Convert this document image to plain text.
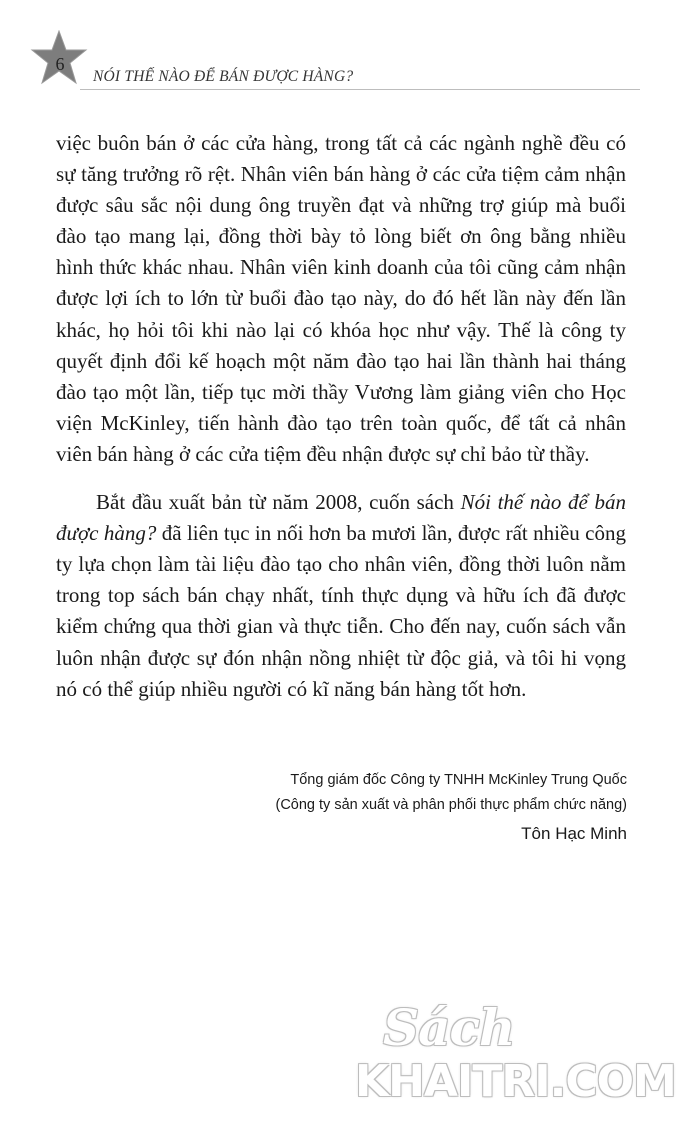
6
NÓI THẾ NÀO ĐỂ BÁN ĐƯỢC HÀNG?

việc buôn bán ở các cửa hàng, trong tất cả các ngành nghề đều có sự tăng trưởng rõ rệt. Nhân viên bán hàng ở các cửa tiệm cảm nhận được sâu sắc nội dung ông truyền đạt và những trợ giúp mà buổi đào tạo mang lại, đồng thời bày tỏ lòng biết ơn ông bằng nhiều hình thức khác nhau. Nhân viên kinh doanh của tôi cũng cảm nhận được lợi ích to lớn từ buổi đào tạo này, do đó hết lần này đến lần khác, họ hỏi tôi khi nào lại có khóa học như vậy. Thế là công ty quyết định đổi kế hoạch một năm đào tạo hai lần thành hai tháng đào tạo một lần, tiếp tục mời thầy Vương làm giảng viên cho Học viện McKinley, tiến hành đào tạo trên toàn quốc, để tất cả nhân viên bán hàng ở các cửa tiệm đều nhận được sự chỉ bảo từ thầy.

Bắt đầu xuất bản từ năm 2008, cuốn sách Nói thế nào để bán được hàng? đã liên tục in nối hơn ba mươi lần, được rất nhiều công ty lựa chọn làm tài liệu đào tạo cho nhân viên, đồng thời luôn nằm trong top sách bán chạy nhất, tính thực dụng và hữu ích đã được kiểm chứng qua thời gian và thực tiễn. Cho đến nay, cuốn sách vẫn luôn nhận được sự đón nhận nồng nhiệt từ độc giả, và tôi hi vọng nó có thể giúp nhiều người có kĩ năng bán hàng tốt hơn.

Tổng giám đốc Công ty TNHH McKinley Trung Quốc
(Công ty sản xuất và phân phối thực phẩm chức năng)
Tôn Hạc Minh
Sách
KHAITRI.COM
